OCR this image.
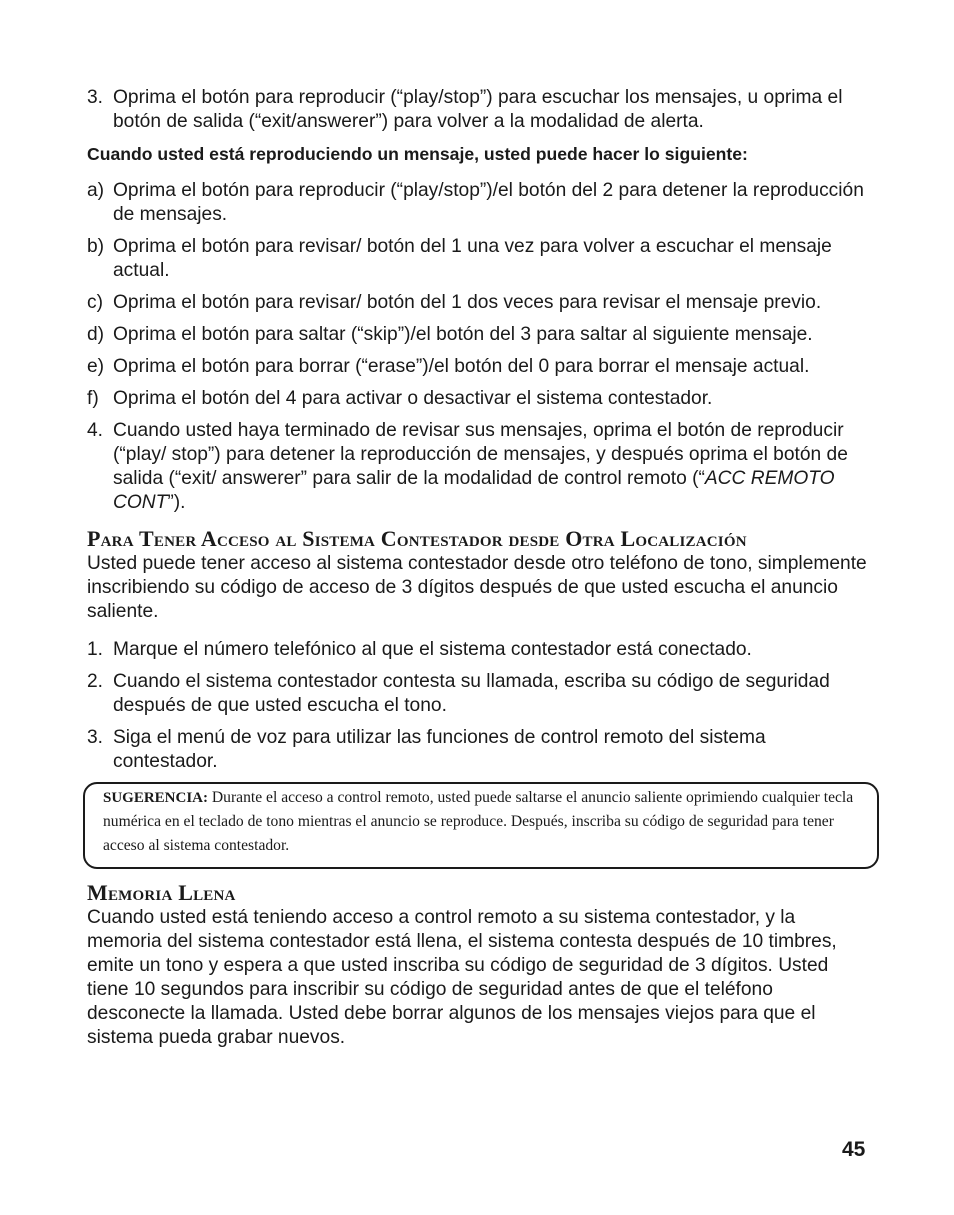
3. Oprima el botón para reproducir (“play/stop”) para escuchar los mensajes, u oprima el botón de salida (“exit/answerer”) para volver a la modalidad de alerta.

Cuando usted está reproduciendo un mensaje, usted puede hacer lo siguiente:

a) Oprima el botón para reproducir (“play/stop”)/el botón del 2 para detener la reproducción de mensajes.
b) Oprima el botón para revisar/ botón del 1 una vez para volver a escuchar el mensaje actual.
c) Oprima el botón para revisar/ botón del 1 dos veces para revisar el mensaje previo.
d) Oprima el botón para saltar (“skip”)/el botón del 3 para saltar al siguiente mensaje.
e) Oprima el botón para borrar (“erase”)/el botón del 0 para borrar el mensaje actual.
f) Oprima el botón del 4 para activar o desactivar el sistema contestador.
4. Cuando usted haya terminado de revisar sus mensajes, oprima el botón de reproducir (“play/ stop”) para detener la reproducción de mensajes, y después oprima el botón de salida (“exit/ answerer” para salir de la modalidad de control remoto (“ACC REMOTO CONT”).
Para Tener Acceso al Sistema Contestador desde Otra Localización

Usted puede tener acceso al sistema contestador desde otro teléfono de tono, simplemente inscribiendo su código de acceso de 3 dígitos después de que usted escucha el anuncio saliente.

1. Marque el número telefónico al que el sistema contestador está conectado.
2. Cuando el sistema contestador contesta su llamada, escriba su código de seguridad después de que usted escucha el tono.
3. Siga el menú de voz para utilizar las funciones de control remoto del sistema contestador.
SUGERENCIA: Durante el acceso a control remoto, usted puede saltarse el anuncio saliente oprimiendo cualquier tecla numérica en el teclado de tono mientras el anuncio se reproduce. Después, inscriba su código de seguridad para tener acceso al sistema contestador.
Memoria Llena

Cuando usted está teniendo acceso a control remoto a su sistema contestador, y la memoria del sistema contestador está llena, el sistema contesta después de 10 timbres, emite un tono y espera a que usted inscriba su código de seguridad de 3 dígitos. Usted tiene 10 segundos para inscribir su código de seguridad antes de que el teléfono desconecte la llamada. Usted debe borrar algunos de los mensajes viejos para que el sistema pueda grabar nuevos.

45
